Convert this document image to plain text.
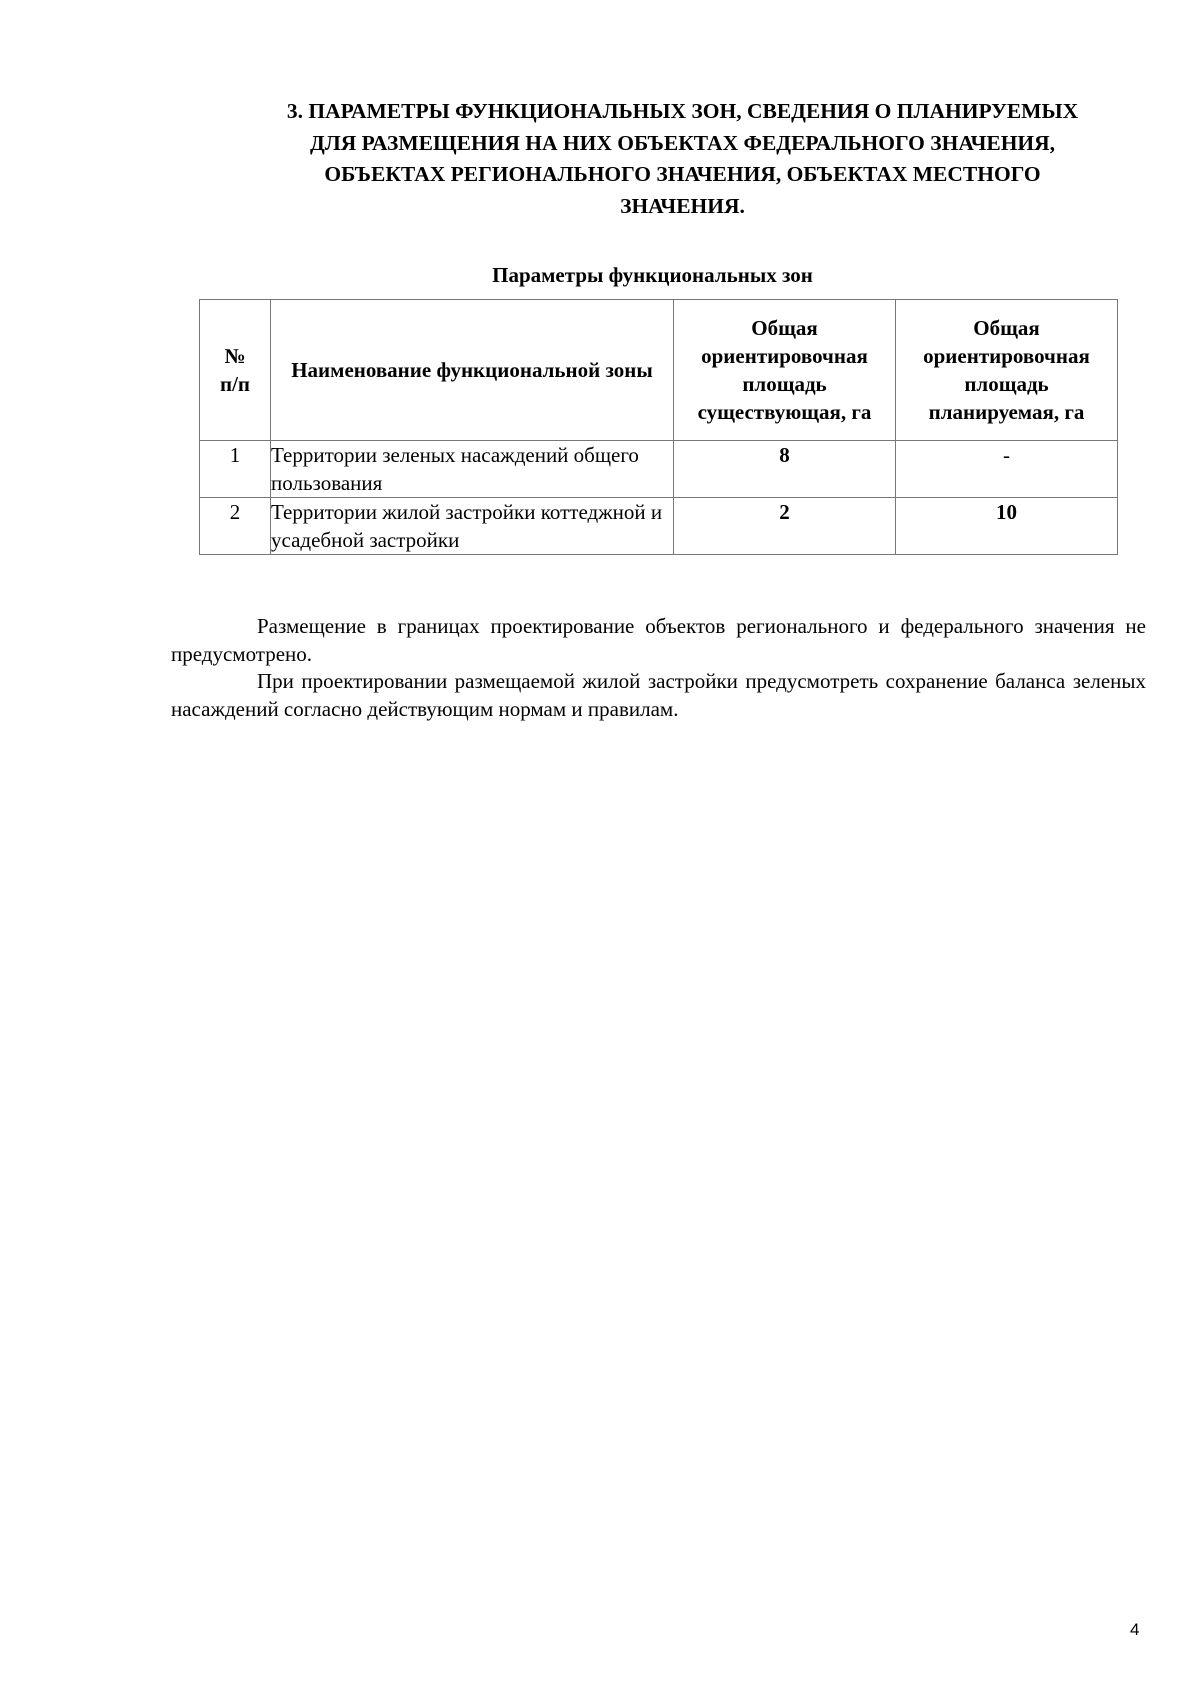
3. ПАРАМЕТРЫ ФУНКЦИОНАЛЬНЫХ ЗОН, СВЕДЕНИЯ О ПЛАНИРУЕМЫХ
ДЛЯ РАЗМЕЩЕНИЯ НА НИХ ОБЪЕКТАХ ФЕДЕРАЛЬНОГО ЗНАЧЕНИЯ,
ОБЪЕКТАХ РЕГИОНАЛЬНОГО ЗНАЧЕНИЯ, ОБЪЕКТАХ МЕСТНОГО
ЗНАЧЕНИЯ.
Параметры функциональных зон
№ п/п	Наименование функциональной зоны	Общая ориентировочная площадь существующая, га	Общая ориентировочная площадь планируемая, га
1	Территории зеленых насаждений общего пользования	8	-
2	Территории жилой застройки коттеджной и усадебной застройки	2	10

Размещение в границах проектирование объектов регионального и федерального значения не предусмотрено.

При проектировании размещаемой жилой застройки предусмотреть сохранение баланса зеленых насаждений согласно действующим нормам и правилам.

4
